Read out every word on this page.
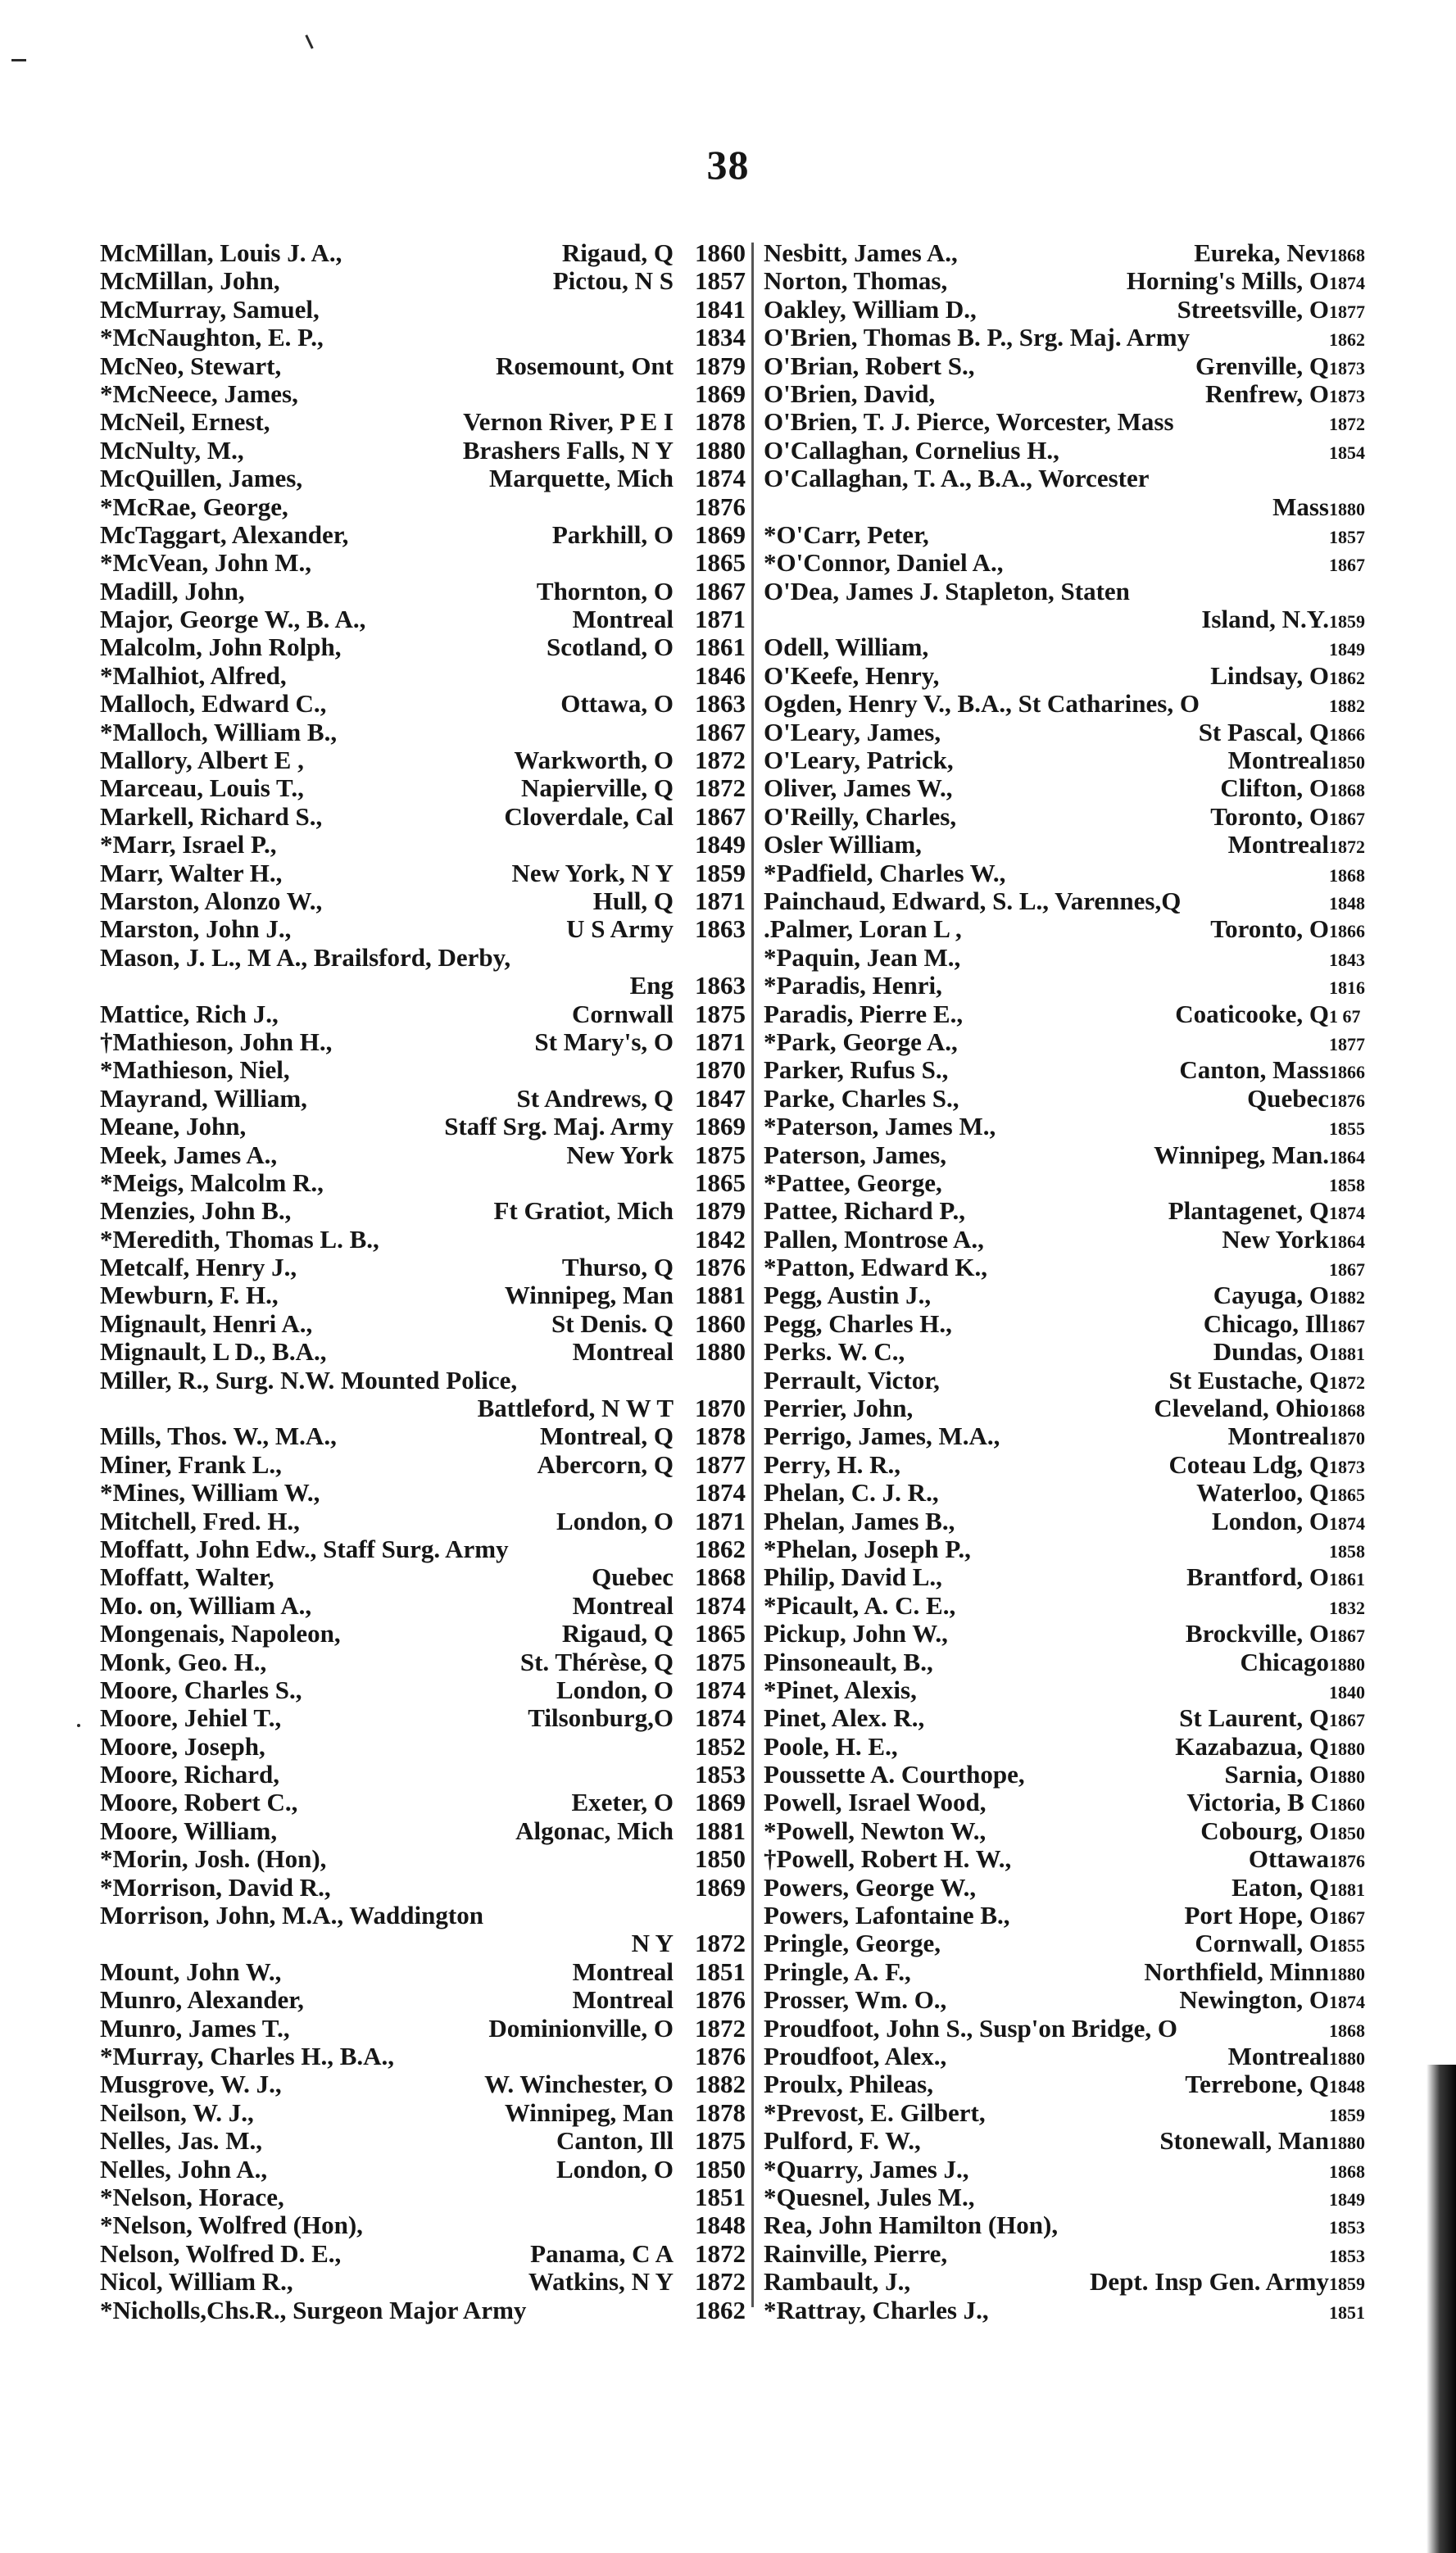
38
McMillan, Louis J. A.,	Rigaud, Q 1860
McMillan, John,	Pictou, N S 1857
McMurray, Samuel,	1841
*McNaughton, E. P.,	1834
McNeo, Stewart,	Rosemount, Ont 1879
*McNeece, James,	1869
McNeil, Ernest,	Vernon River, P E I 1878
McNulty, M.,	Brashers Falls, N Y 1880
McQuillen, James,	Marquette, Mich 1874
*McRae, George,	1876
McTaggart, Alexander,	Parkhill, O 1869
*McVean, John M.,	1865
Madill, John,	Thornton, O 1867
Major, George W., B. A.,	Montreal 1871
Malcolm, John Rolph,	Scotland, O 1861
*Malhiot, Alfred,	1846
Malloch, Edward C.,	Ottawa, O 1863
*Malloch, William B.,	1867
Mallory, Albert E ,	Warkworth, O 1872
Marceau, Louis T.,	Napierville, Q 1872
Markell, Richard S.,	Cloverdale, Cal 1867
*Marr, Israel P.,	1849
Marr, Walter H.,	New York, N Y 1859
Marston, Alonzo W.,	Hull, Q 1871
Marston, John J.,	U S Army 1863
Mason, J. L., M A., Brailsford, Derby,
Eng 1863
Mattice, Rich J.,	Cornwall 1875
†Mathieson, John H.,	St Mary's, O 1871
*Mathieson, Niel,	1870
Mayrand, William,	St Andrews, Q 1847
Meane, John,	Staff Srg. Maj. Army 1869
Meek, James A.,	New York 1875
*Meigs, Malcolm R.,	1865
Menzies, John B.,	Ft Gratiot, Mich 1879
*Meredith, Thomas L. B.,	1842
Metcalf, Henry J.,	Thurso, Q 1876
Mewburn, F. H.,	Winnipeg, Man 1881
Mignault, Henri A.,	St Denis. Q 1860
Mignault, L D., B.A.,	Montreal 1880
Miller, R., Surg. N.W. Mounted Police,
Battleford, N W T 1870
Mills, Thos. W., M.A.,	Montreal, Q 1878
Miner, Frank L.,	Abercorn, Q 1877
*Mines, William W.,	1874
Mitchell, Fred. H.,	London, O 1871
Moffatt, John Edw., Staff Surg. Army	1862
Moffatt, Walter,	Quebec 1868
Mo. on, William A.,	Montreal 1874
Mongenais, Napoleon,	Rigaud, Q 1865
Monk, Geo. H.,	St. Thérèse, Q 1875
Moore, Charles S.,	London, O 1874
Moore, Jehiel T.,	Tilsonburg,O 1874
Moore, Joseph,	1852
Moore, Richard,	1853
Moore, Robert C.,	Exeter, O 1869
Moore, William,	Algonac, Mich 1881
*Morin, Josh. (Hon),	1850
*Morrison, David R.,	1869
Morrison, John, M.A., Waddington
N Y 1872
Mount, John W.,	Montreal 1851
Munro, Alexander,	Montreal 1876
Munro, James T.,	Dominionville, O 1872
*Murray, Charles H., B.A.,	1876
Musgrove, W. J.,	W. Winchester, O 1882
Neilson, W. J.,	Winnipeg, Man 1878
Nelles, Jas. M.,	Canton, Ill 1875
Nelles, John A.,	London, O 1850
*Nelson, Horace,	1851
*Nelson, Wolfred (Hon),	1848
Nelson, Wolfred D. E.,	Panama, C A 1872
Nicol, William R.,	Watkins, N Y 1872
*Nicholls,Chs.R., Surgeon Major Army	1862
Nesbitt, James A.,	Eureka, Nev 1868
Norton, Thomas,	Horning's Mills, O 1874
Oakley, William D.,	Streetsville, O 1877
O'Brien, Thomas B. P., Srg. Maj. Army	1862
O'Brian, Robert S.,	Grenville, Q 1873
O'Brien, David,	Renfrew, O 1873
O'Brien, T. J. Pierce, Worcester, Mass	1872
O'Callaghan, Cornelius H.,	1854
O'Callaghan, T. A., B.A., Worcester
Mass 1880
*O'Carr, Peter,	1857
*O'Connor, Daniel A.,	1867
O'Dea, James J. Stapleton, Staten
Island, N.Y. 1859
Odell, William,	1849
O'Keefe, Henry,	Lindsay, O 1862
Ogden, Henry V., B.A., St Catharines, O	1882
O'Leary, James,	St Pascal, Q 1866
O'Leary, Patrick,	Montreal 1850
Oliver, James W.,	Clifton, O 1868
O'Reilly, Charles,	Toronto, O 1867
Osler William,	Montreal 1872
*Padfield, Charles W.,	1868
Painchaud, Edward, S. L., Varennes,Q	1848
.Palmer, Loran L ,	Toronto, O 1866
*Paquin, Jean M.,	1843
*Paradis, Henri,	1816
Paradis, Pierre E.,	Coaticooke, Q 1 67
*Park, George A.,	1877
Parker, Rufus S.,	Canton, Mass 1866
Parke, Charles S.,	Quebec 1876
*Paterson, James M.,	1855
Paterson, James,	Winnipeg, Man. 1864
*Pattee, George,	1858
Pattee, Richard P.,	Plantagenet, Q 1874
Pallen, Montrose A.,	New York 1864
*Patton, Edward K.,	1867
Pegg, Austin J.,	Cayuga, O 1882
Pegg, Charles H.,	Chicago, Ill 1867
Perks. W. C.,	Dundas, O 1881
Perrault, Victor,	St Eustache, Q 1872
Perrier, John,	Cleveland, Ohio 1868
Perrigo, James, M.A.,	Montreal 1870
Perry, H. R.,	Coteau Ldg, Q 1873
Phelan, C. J. R.,	Waterloo, Q 1865
Phelan, James B.,	London, O 1874
*Phelan, Joseph P.,	1858
Philip, David L.,	Brantford, O 1861
*Picault, A. C. E.,	1832
Pickup, John W.,	Brockville, O 1867
Pinsoneault, B.,	Chicago 1880
*Pinet, Alexis,	1840
Pinet, Alex. R.,	St Laurent, Q 1867
Poole, H. E.,	Kazabazua, Q 1880
Poussette A. Courthope,	Sarnia, O 1880
Powell, Israel Wood,	Victoria, B C 1860
*Powell, Newton W.,	Cobourg, O 1850
†Powell, Robert H. W.,	Ottawa 1876
Powers, George W.,	Eaton, Q 1881
Powers, Lafontaine B.,	Port Hope, O 1867
Pringle, George,	Cornwall, O 1855
Pringle, A. F.,	Northfield, Minn 1880
Prosser, Wm. O.,	Newington, O 1874
Proudfoot, John S., Susp'on Bridge, O	1868
Proudfoot, Alex.,	Montreal 1880
Proulx, Phileas,	Terrebone, Q 1848
*Prevost, E. Gilbert,	1859
Pulford, F. W.,	Stonewall, Man 1880
*Quarry, James J.,	1868
*Quesnel, Jules M.,	1849
Rea, John Hamilton (Hon),	1853
Rainville, Pierre,	1853
Rambault, J.,	Dept. Insp Gen. Army 1859
*Rattray, Charles J.,	1851
